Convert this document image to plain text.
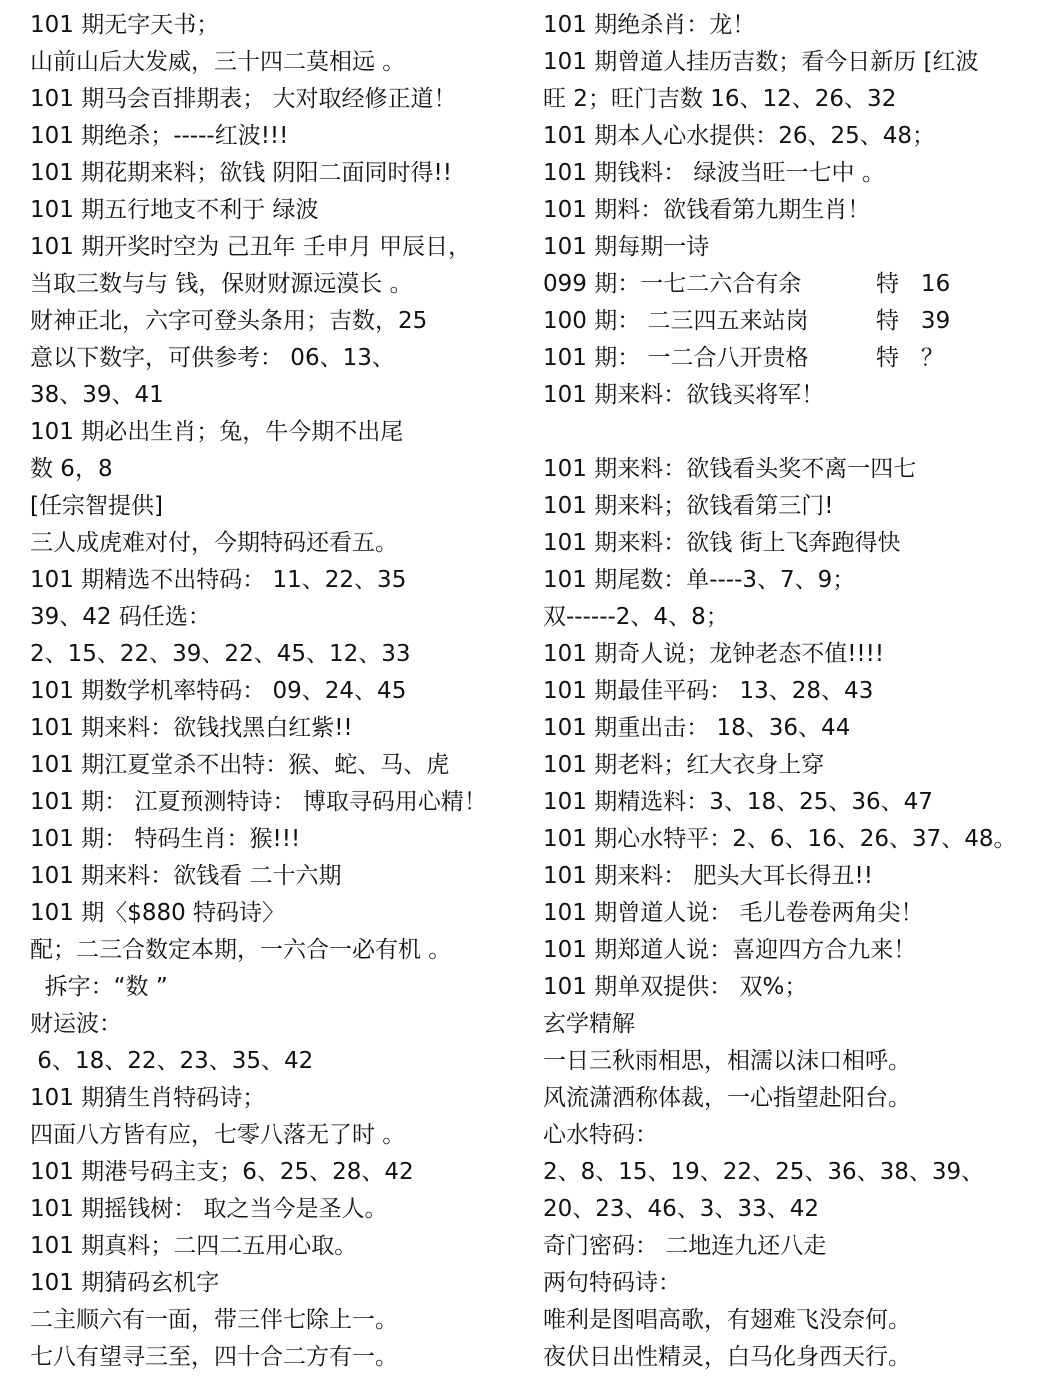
101 期无字天书；
山前山后大发威，三十四二莫相远 。
101 期马会百排期表； 大对取经修正道！
101 期绝杀；-----红波!!!
101 期花期来料；欲钱 阴阳二面同时得!!
101 期五行地支不利于 绿波
101 期开奖时空为 己丑年 壬申月 甲辰日，
当取三数与与 钱，保财财源远漠长 。
财神正北，六字可登头条用；吉数，25
意以下数字，可供参考： 06、13、
38、39、41
101 期必出生肖；兔，牛今期不出尾
数 6，8
[任宗智提供]
三人成虎难对付，今期特码还看五。
101 期精选不出特码： 11、22、35
39、42 码任选：
2、15、22、39、22、45、12、33
101 期数学机率特码： 09、24、45
101 期来料：欲钱找黑白红紫!!
101 期江夏堂杀不出特：猴、蛇、马、虎
101 期： 江夏预测特诗： 博取寻码用心精！
101 期： 特码生肖：猴!!!
101 期来料：欲钱看 二十六期
101 期〈$880 特码诗〉
配；二三合数定本期，一六合一必有机 。
拆字：“数 ”
财运波：
6、18、22、23、35、42
101 期猜生肖特码诗；
四面八方皆有应，七零八落无了时 。
101 期港号码主支；6、25、28、42
101 期摇钱树： 取之当今是圣人。
101 期真料；二四二五用心取。
101 期猜码玄机字
二主顺六有一面，带三伴七除上一。
七八有望寻三至，四十合二方有一。
101 期绝杀肖：龙！
101 期曾道人挂历吉数；看今日新历 [红波
旺 2；旺门吉数 16、12、26、32
101 期本人心水提供：26、25、48；
101 期钱料： 绿波当旺一七中 。
101 期料：欲钱看第九期生肖！
101 期每期一诗
099 期：一七二六合有余	特   16
100 期： 二三四五来站岗	特   39
101 期： 一二合八开贵格	特   ？
101 期来料：欲钱买将军！
101 期来料：欲钱看头奖不离一四七
101 期来料；欲钱看第三门!
101 期来料：欲钱 街上飞奔跑得快
101 期尾数：单----3、7、9；
双------2、4、8；
101 期奇人说；龙钟老态不值!!!!
101 期最佳平码： 13、28、43
101 期重出击： 18、36、44
101 期老料；红大衣身上穿
101 期精选料：3、18、25、36、47
101 期心水特平：2、6、16、26、37、48。
101 期来料： 肥头大耳长得丑!!
101 期曾道人说： 毛儿卷卷两角尖！
101 期郑道人说：喜迎四方合九来！
101 期单双提供： 双%；
玄学精解
一日三秋雨相思，相濡以沫口相呼。
风流潇洒称体裁，一心指望赴阳台。
心水特码：
2、8、15、19、22、25、36、38、39、
20、23、46、3、33、42
奇门密码： 二地连九还八走
两句特码诗：
唯利是图唱高歌，有翅难飞没奈何。
夜伏日出性精灵，白马化身西天行。
